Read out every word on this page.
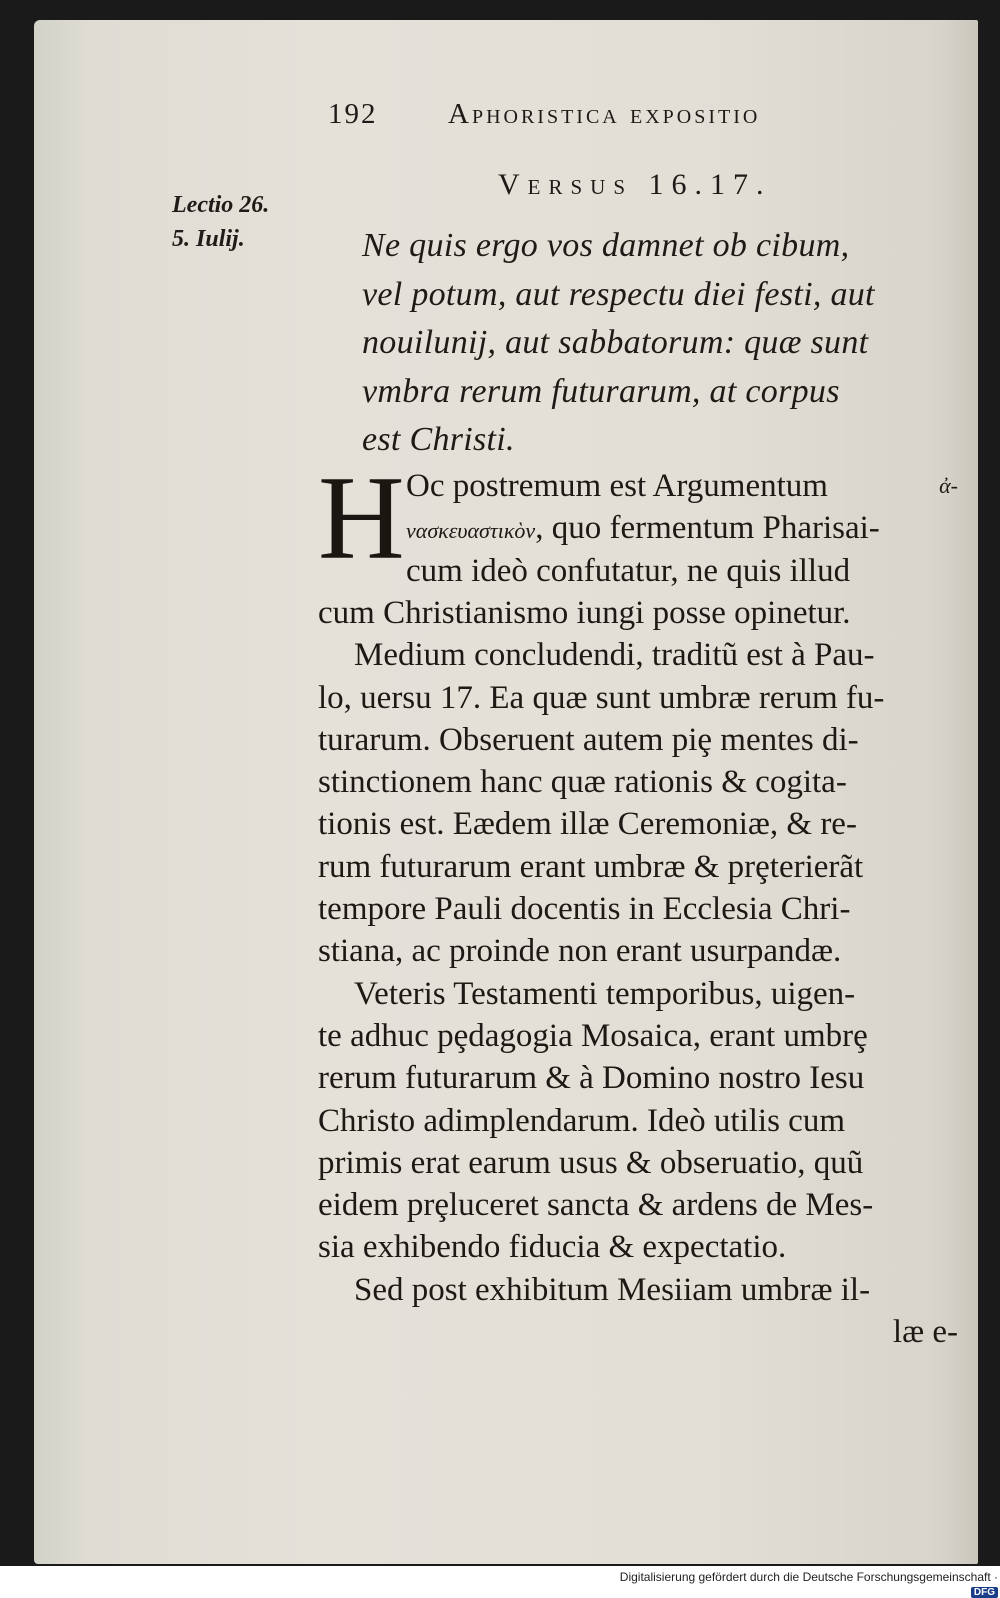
192 Aphoristica expositio
Lectio 26.
5. Iulij.
Versus 16.17.
Ne quis ergo vos damnet ob cibum,
vel potum, aut respectu diei festi, aut
nouilunij, aut sabbatorum: quæ sunt
vmbra rerum futurarum, at corpus
est Christi.
H Oc postremum est Argumentum	ἀ-
νασκευαστικὸν, quo fermentum Pharisai-
cum ideò confutatur, ne quis illud
cum Christianismo iungi posse opinetur.
Medium concludendi, traditũ est à Pau-
lo, uersu 17. Ea quæ sunt umbræ rerum fu-
turarum. Obseruent autem piȩ mentes di-
stinctionem hanc quæ rationis & cogita-
tionis est. Eædem illæ Ceremoniæ, & re-
rum futurarum erant umbræ & prȩterierãt
tempore Pauli docentis in Ecclesia Chri-
stiana, ac proinde non erant usurpandæ.
Veteris Testamenti temporibus, uigen-
te adhuc pȩdagogia Mosaica, erant umbrȩ
rerum futurarum & à Domino nostro Iesu
Christo adimplendarum. Ideò utilis cum
primis erat earum usus & obseruatio, quũ
eidem prȩluceret sancta & ardens de Mes-
sia exhibendo fiducia & expectatio.
Sed post exhibitum Mesiiam umbræ il-
læ e-
Digitalisierung gefördert durch die Deutsche Forschungsgemeinschaft ·DFG
